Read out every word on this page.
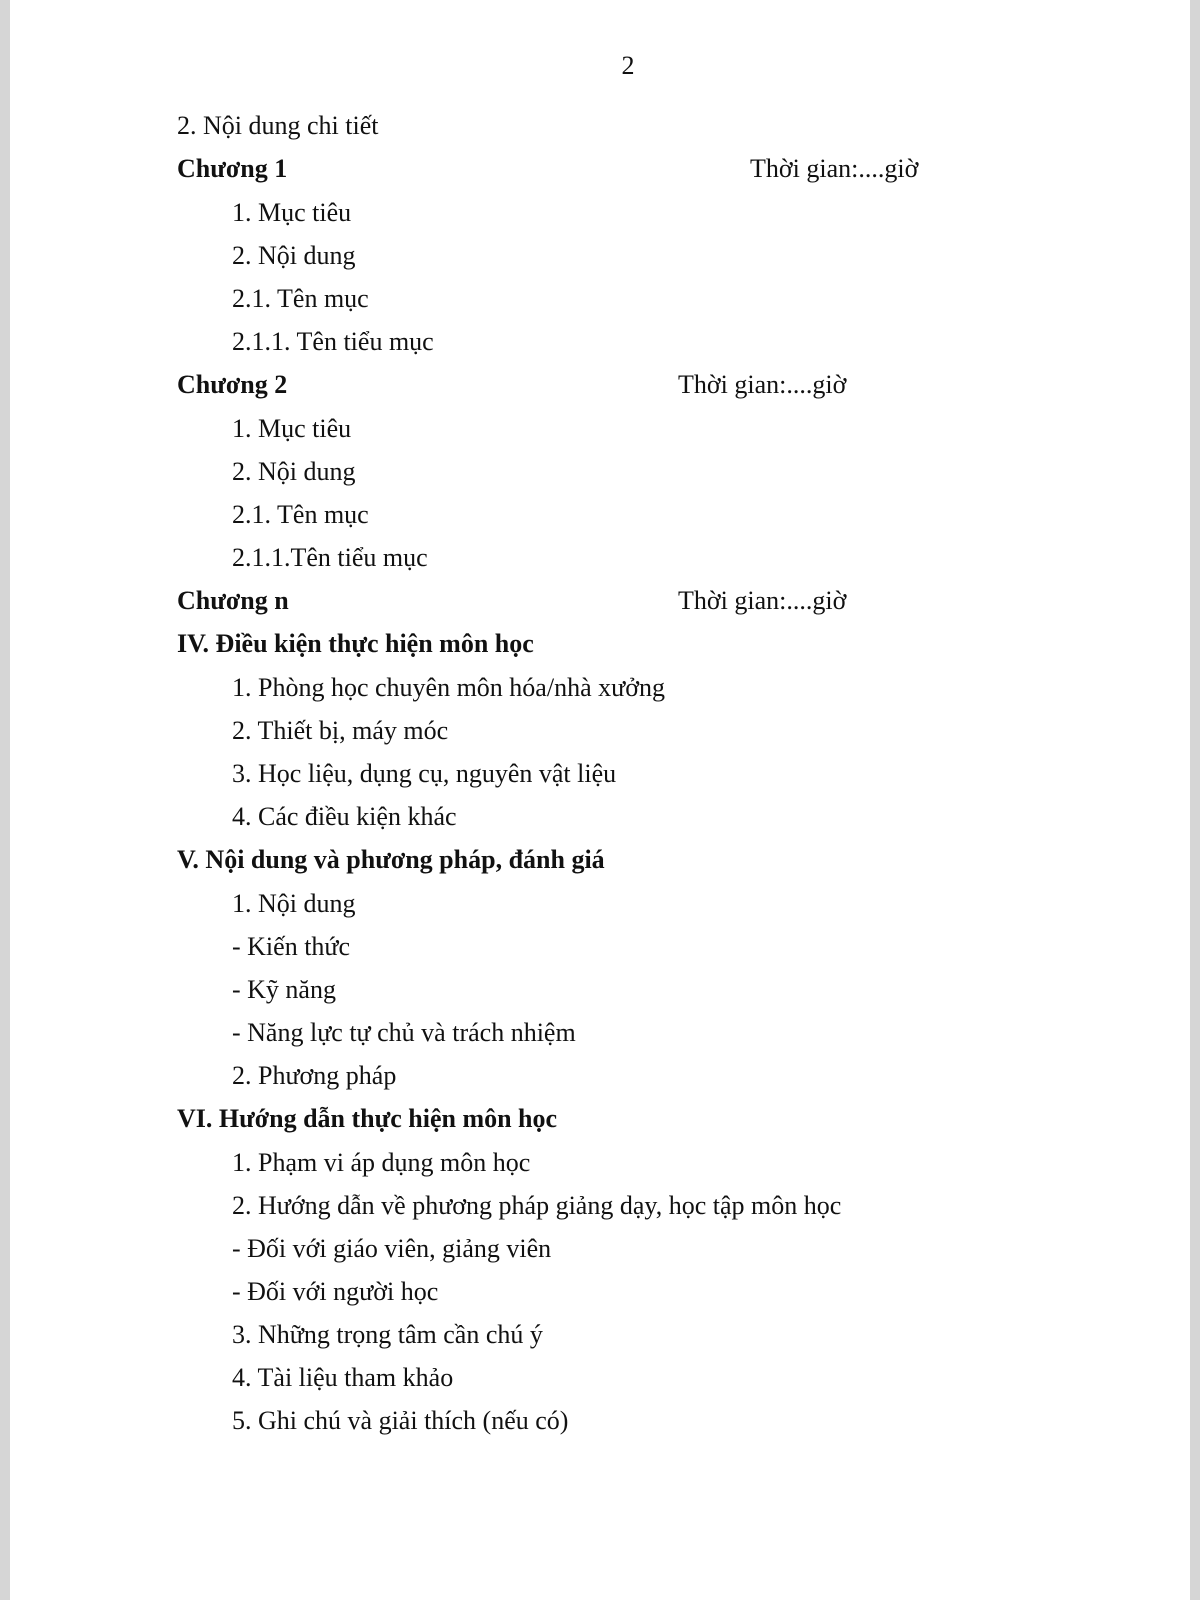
2
2. Nội dung chi tiết
Chương 1	Thời gian:....giờ
1. Mục tiêu
2. Nội dung
2.1. Tên mục
2.1.1. Tên tiểu mục
Chương 2	Thời gian:....giờ
1. Mục tiêu
2. Nội dung
2.1. Tên mục
2.1.1.Tên tiểu mục
Chương n	Thời gian:....giờ
IV. Điều kiện thực hiện môn học
1. Phòng học chuyên môn hóa/nhà xưởng
2. Thiết bị, máy móc
3. Học liệu, dụng cụ, nguyên vật liệu
4. Các điều kiện khác
V. Nội dung và phương pháp, đánh giá
1. Nội dung
- Kiến thức
- Kỹ năng
- Năng lực tự chủ và trách nhiệm
2. Phương pháp
VI. Hướng dẫn thực hiện môn học
1. Phạm vi áp dụng môn học
2. Hướng dẫn về phương pháp giảng dạy, học tập môn học
- Đối với giáo viên, giảng viên
- Đối với người học
3. Những trọng tâm cần chú ý
4. Tài liệu tham khảo
5. Ghi chú và giải thích (nếu có)
